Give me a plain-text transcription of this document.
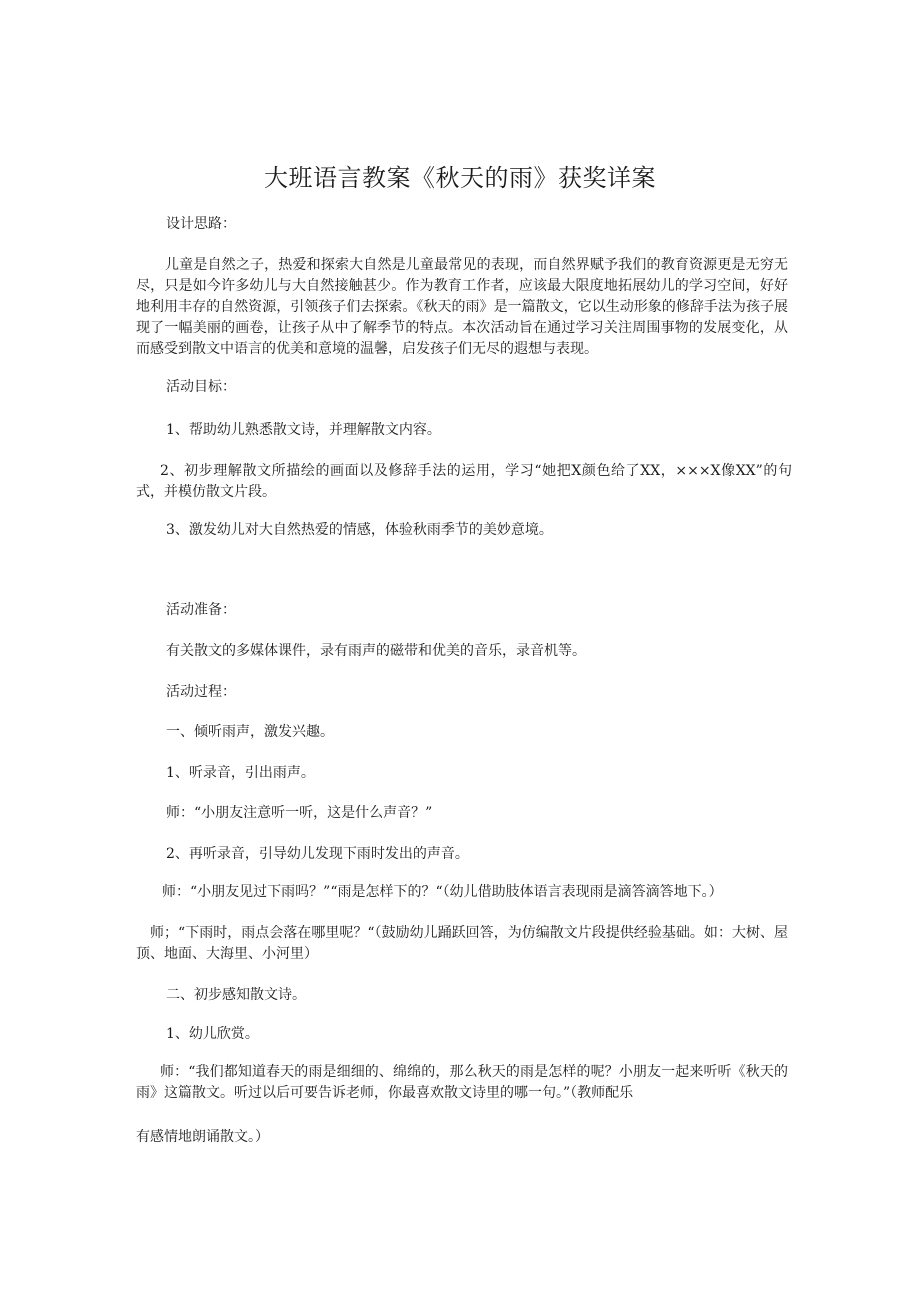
大班语言教案《秋天的雨》获奖详案
设计思路：
儿童是自然之子，热爱和探索大自然是儿童最常见的表现，而自然界赋予我们的教育资源更是无穷无尽，只是如今许多幼儿与大自然接触甚少。作为教育工作者，应该最大限度地拓展幼儿的学习空间，好好地利用丰存的自然资源，引领孩子们去探索。《秋天的雨》是一篇散文，它以生动形象的修辞手法为孩子展现了一幅美丽的画卷，让孩子从中了解季节的特点。本次活动旨在通过学习关注周围事物的发展变化，从而感受到散文中语言的优美和意境的温馨，启发孩子们无尽的遐想与表现。
活动目标：
1、帮助幼儿熟悉散文诗，并理解散文内容。
2、初步理解散文所描绘的画面以及修辞手法的运用，学习“她把X颜色给了XX，×××X像XX”的句式，并模仿散文片段。
3、激发幼儿对大自然热爱的情感，体验秋雨季节的美妙意境。
活动准备：
有关散文的多媒体课件，录有雨声的磁带和优美的音乐，录音机等。
活动过程：
一、倾听雨声，激发兴趣。
1、听录音，引出雨声。
师：“小朋友注意听一听，这是什么声音？”
2、再听录音，引导幼儿发现下雨时发出的声音。
师：“小朋友见过下雨吗？”“雨是怎样下的？“（幼儿借助肢体语言表现雨是滴答滴答地下。）
师；“下雨时，雨点会落在哪里呢？“（鼓励幼儿踊跃回答，为仿编散文片段提供经验基础。如：大树、屋顶、地面、大海里、小河里）
二、初步感知散文诗。
1、幼儿欣赏。
师：“我们都知道春天的雨是细细的、绵绵的，那么秋天的雨是怎样的呢？小朋友一起来听听《秋天的雨》这篇散文。听过以后可要告诉老师，你最喜欢散文诗里的哪一句。”（教师配乐
有感情地朗诵散文。）
